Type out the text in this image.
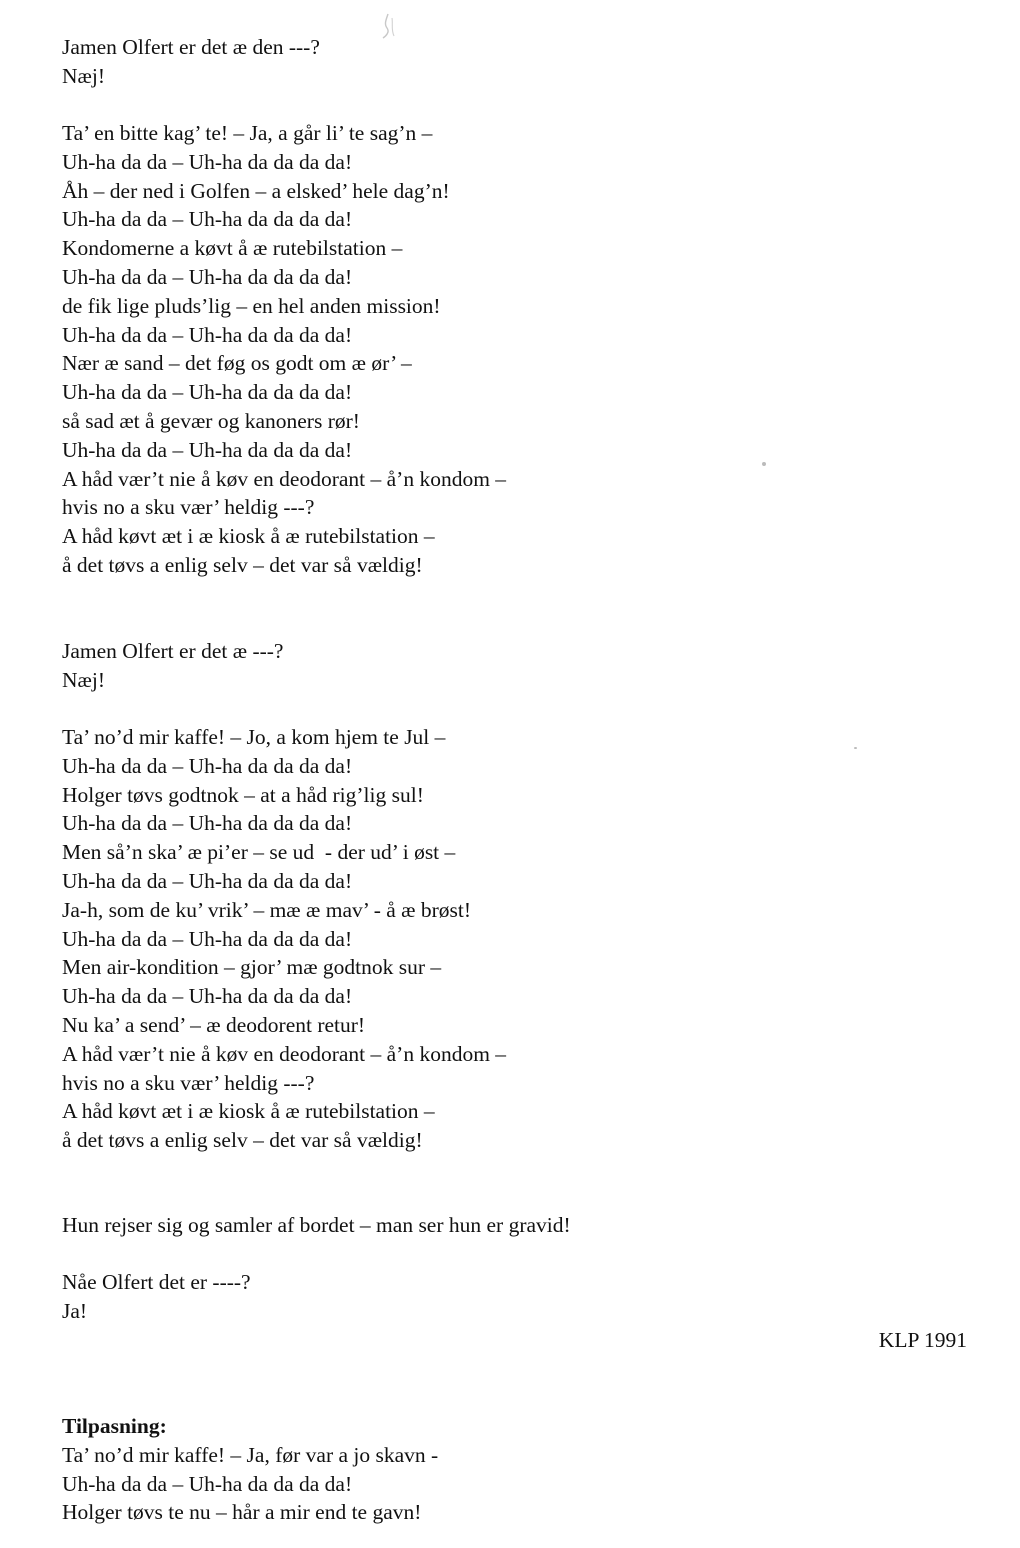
Jamen Olfert er det æ den ---?
Næj!
Ta’ en bitte kag’ te! – Ja, a går li’ te sag’n –
Uh-ha da da – Uh-ha da da da da!
Åh – der ned i Golfen – a elsked’ hele dag’n!
Uh-ha da da – Uh-ha da da da da!
Kondomerne a køvt å æ rutebilstation –
Uh-ha da da – Uh-ha da da da da!
de fik lige pluds’lig – en hel anden mission!
Uh-ha da da – Uh-ha da da da da!
Nær æ sand – det føg os godt om æ ør’ –
Uh-ha da da – Uh-ha da da da da!
så sad æt å gevær og kanoners rør!
Uh-ha da da – Uh-ha da da da da!
A håd vær’t nie å køv en deodorant – å’n kondom –
hvis no a sku vær’ heldig ---?
A håd køvt æt i æ kiosk å æ rutebilstation –
å det tøvs a enlig selv – det var så vældig!
Jamen Olfert er det æ ---?
Næj!
Ta’ no’d mir kaffe! – Jo, a kom hjem te Jul –
Uh-ha da da – Uh-ha da da da da!
Holger tøvs godtnok – at a håd rig’lig sul!
Uh-ha da da – Uh-ha da da da da!
Men så’n ska’ æ pi’er – se ud  - der ud’ i øst –
Uh-ha da da – Uh-ha da da da da!
Ja-h, som de ku’ vrik’ – mæ æ mav’ - å æ brøst!
Uh-ha da da – Uh-ha da da da da!
Men air-kondition – gjor’ mæ godtnok sur –
Uh-ha da da – Uh-ha da da da da!
Nu ka’ a send’ – æ deodorent retur!
A håd vær’t nie å køv en deodorant – å’n kondom –
hvis no a sku vær’ heldig ---?
A håd køvt æt i æ kiosk å æ rutebilstation –
å det tøvs a enlig selv – det var så vældig!
Hun rejser sig og samler af bordet – man ser hun er gravid!
Nåe Olfert det er ----?
Ja!
KLP 1991
Tilpasning:
Ta’ no’d mir kaffe! – Ja, før var a jo skavn -
Uh-ha da da – Uh-ha da da da da!
Holger tøvs te nu – hår a mir end te gavn!
